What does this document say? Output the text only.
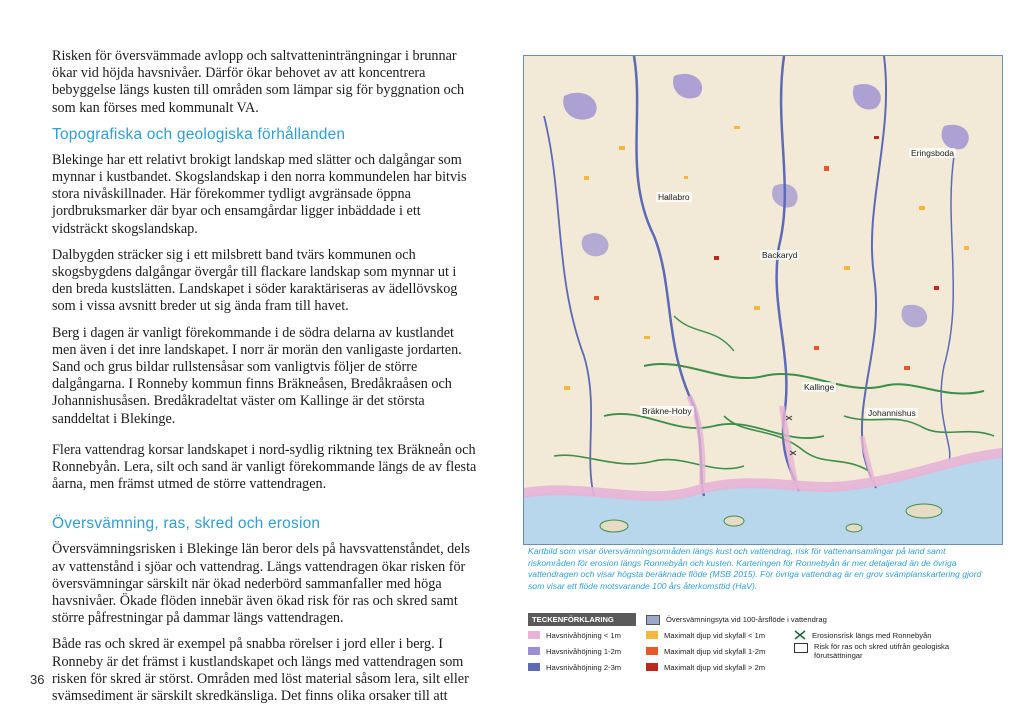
Risken för översvämmade avlopp och saltvatteninträngningar i brunnar ökar vid höjda havsnivåer. Därför ökar behovet av att koncentrera bebyggelse längs kusten till områden som lämpar sig för byggnation och som kan förses med kommunalt VA.

Topografiska och geologiska förhållanden

Blekinge har ett relativt brokigt landskap med slätter och dalgångar som mynnar i kustbandet. Skogslandskap i den norra kommundelen har bitvis stora nivåskillnader. Här förekommer tydligt avgränsade öppna jordbruksmarker där byar och ensamgårdar ligger inbäddade i ett vidsträckt skogslandskap.

Dalbygden sträcker sig i ett milsbrett band tvärs kommunen och skogsbygdens dalgångar övergår till flackare landskap som mynnar ut i den breda kustslätten. Landskapet i söder karaktäriseras av ädellövskog som i vissa avsnitt breder ut sig ända fram till havet.

Berg i dagen är vanligt förekommande i de södra delarna av kustlandet men även i det inre landskapet. I norr är morän den vanligaste jordarten. Sand och grus bildar rullstensåsar som vanligtvis följer de större dalgångarna. I Ronneby kommun finns Bräkneåsen, Bredåkraåsen och Johannishusåsen. Bredåkradeltat väster om Kallinge är det största sanddeltat i Blekinge.

Flera vattendrag korsar landskapet i nord-sydlig riktning tex Bräkneån och Ronnebyån. Lera, silt och sand är vanligt förekommande längs de av flesta åarna, men främst utmed de större vattendragen.

Översvämning, ras, skred och erosion

Översvämningsrisken i Blekinge län beror dels på havsvattenståndet, dels av vattenstånd i sjöar och vattendrag. Längs vattendragen ökar risken för översvämningar särskilt när ökad nederbörd sammanfaller med höga havsnivåer. Ökade flöden innebär även ökad risk för ras och skred samt större påfrestningar på dammar längs vattendragen.

Både ras och skred är exempel på snabba rörelser i jord eller i berg. I Ronneby är det främst i kustlandskapet och längs med vattendragen som risken för skred är störst. Områden med löst material såsom lera, silt eller svämsediment är särskilt skredkänsliga. Det finns olika orsaker till att

36
Eringsboda
Hallabro
Backaryd
Kallinge
Bräkne-Hoby	Johannishus
Kartbild som visar översvämningsområden längs kust och vattendrag, risk för vattenansamlingar på land samt riskområden för erosion längs Ronnebyån och kusten. Karteringen för Ronnebyån är mer detaljerad än de övriga vattendragen och visar högsta beräknade flöde (MSB 2015). För övriga vattendrag är en grov svämplanskartering gjord som visar ett flöde motsvarande 100 års återkomsttid (HaV).
TECKENFÖRKLARING	Översvämningsyta vid 100-årsflöde i vattendrag
Havsnivåhöjning < 1m	Maximalt djup vid skyfall < 1m	Erosionsrisk längs med Ronnebyån
Havsnivåhöjning 1-2m	Maximalt djup vid skyfall 1-2m	Risk för ras och skred utifrån geologiska förutsättningar
Havsnivåhöjning 2-3m	Maximalt djup vid skyfall > 2m
